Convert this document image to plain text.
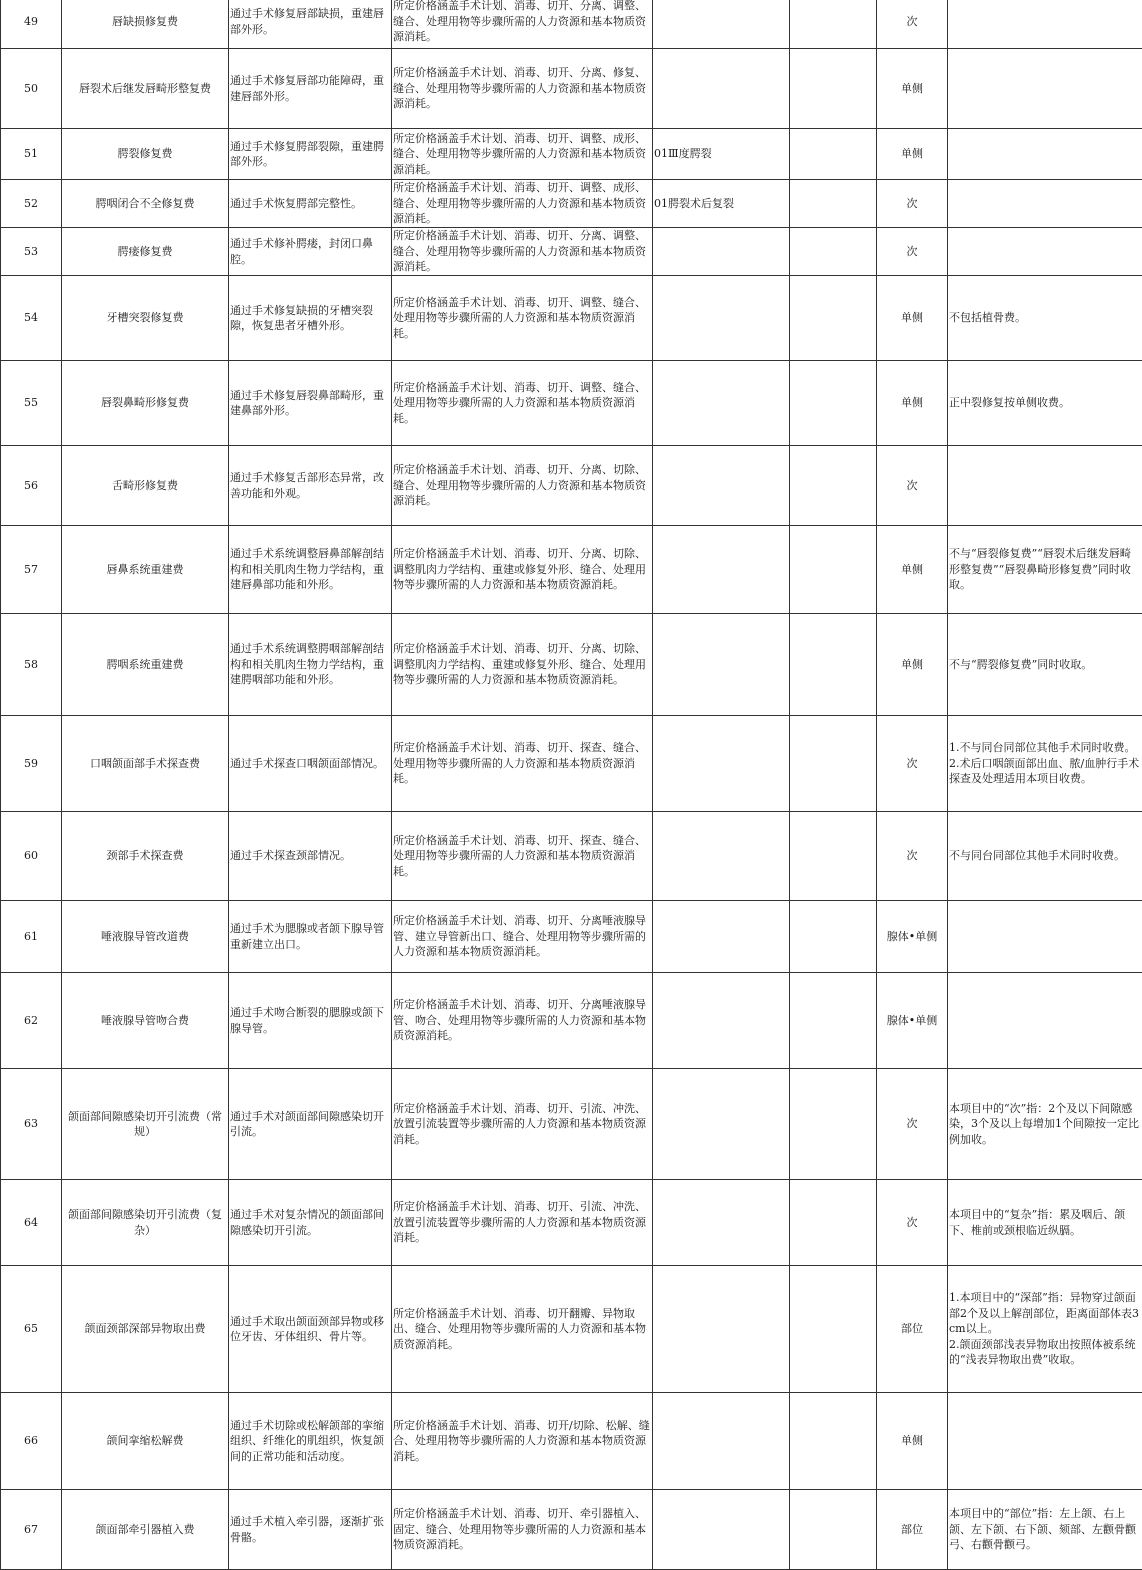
49	唇缺损修复费	通过手术修复唇部缺损，重建唇部外形。	所定价格涵盖手术计划、消毒、切开、分离、调整、缝合、处理用物等步骤所需的人力资源和基本物质资源消耗。			次	
50	唇裂术后继发唇畸形整复费	通过手术修复唇部功能障碍，重建唇部外形。	所定价格涵盖手术计划、消毒、切开、分离、修复、缝合、处理用物等步骤所需的人力资源和基本物质资源消耗。			单侧	
51	腭裂修复费	通过手术修复腭部裂隙，重建腭部外形。	所定价格涵盖手术计划、消毒、切开、调整、成形、缝合、处理用物等步骤所需的人力资源和基本物质资源消耗。	01Ⅲ度腭裂		单侧	
52	腭咽闭合不全修复费	通过手术恢复腭部完整性。	所定价格涵盖手术计划、消毒、切开、调整、成形、缝合、处理用物等步骤所需的人力资源和基本物质资源消耗。	01腭裂术后复裂		次	
53	腭瘘修复费	通过手术修补腭瘘，封闭口鼻腔。	所定价格涵盖手术计划、消毒、切开、分离、调整、缝合、处理用物等步骤所需的人力资源和基本物质资源消耗。			次	
54	牙槽突裂修复费	通过手术修复缺损的牙槽突裂隙，恢复患者牙槽外形。	所定价格涵盖手术计划、消毒、切开、调整、缝合、处理用物等步骤所需的人力资源和基本物质资源消耗。			单侧	不包括植骨费。
55	唇裂鼻畸形修复费	通过手术修复唇裂鼻部畸形，重建鼻部外形。	所定价格涵盖手术计划、消毒、切开、调整、缝合、处理用物等步骤所需的人力资源和基本物质资源消耗。			单侧	正中裂修复按单侧收费。
56	舌畸形修复费	通过手术修复舌部形态异常，改善功能和外观。	所定价格涵盖手术计划、消毒、切开、分离、切除、缝合、处理用物等步骤所需的人力资源和基本物质资源消耗。			次	
57	唇鼻系统重建费	通过手术系统调整唇鼻部解剖结构和相关肌肉生物力学结构，重建唇鼻部功能和外形。	所定价格涵盖手术计划、消毒、切开、分离、切除、调整肌肉力学结构、重建或修复外形、缝合、处理用物等步骤所需的人力资源和基本物质资源消耗。			单侧	不与“唇裂修复费”“唇裂术后继发唇畸形整复费”“唇裂鼻畸形修复费”同时收取。
58	腭咽系统重建费	通过手术系统调整腭咽部解剖结构和相关肌肉生物力学结构，重建腭咽部功能和外形。	所定价格涵盖手术计划、消毒、切开、分离、切除、调整肌肉力学结构、重建或修复外形、缝合、处理用物等步骤所需的人力资源和基本物质资源消耗。			单侧	不与“腭裂修复费”同时收取。
59	口咽颌面部手术探查费	通过手术探查口咽颌面部情况。	所定价格涵盖手术计划、消毒、切开、探查、缝合、处理用物等步骤所需的人力资源和基本物质资源消耗。			次	1.不与同台同部位其他手术同时收费。
2.术后口咽颌面部出血、脓/血肿行手术探查及处理适用本项目收费。
60	颈部手术探查费	通过手术探查颈部情况。	所定价格涵盖手术计划、消毒、切开、探查、缝合、处理用物等步骤所需的人力资源和基本物质资源消耗。			次	不与同台同部位其他手术同时收费。
61	唾液腺导管改道费	通过手术为腮腺或者颌下腺导管重新建立出口。	所定价格涵盖手术计划、消毒、切开、分离唾液腺导管、建立导管新出口、缝合、处理用物等步骤所需的人力资源和基本物质资源消耗。			腺体•单侧	
62	唾液腺导管吻合费	通过手术吻合断裂的腮腺或颌下腺导管。	所定价格涵盖手术计划、消毒、切开、分离唾液腺导管、吻合、处理用物等步骤所需的人力资源和基本物质资源消耗。			腺体•单侧	
63	颌面部间隙感染切开引流费（常规）	通过手术对颌面部间隙感染切开引流。	所定价格涵盖手术计划、消毒、切开、引流、冲洗、放置引流装置等步骤所需的人力资源和基本物质资源消耗。			次	本项目中的“次”指：2个及以下间隙感染，3个及以上每增加1个间隙按一定比例加收。
64	颌面部间隙感染切开引流费（复杂）	通过手术对复杂情况的颌面部间隙感染切开引流。	所定价格涵盖手术计划、消毒、切开、引流、冲洗、放置引流装置等步骤所需的人力资源和基本物质资源消耗。			次	本项目中的“复杂”指：累及咽后、颌下、椎前或颈根临近纵膈。
65	颌面颈部深部异物取出费	通过手术取出颌面颈部异物或移位牙齿、牙体组织、骨片等。	所定价格涵盖手术计划、消毒、切开翻瓣、异物取出、缝合、处理用物等步骤所需的人力资源和基本物质资源消耗。			部位	1.本项目中的“深部”指：异物穿过颌面部2个及以上解剖部位，距离面部体表3cm以上。
2.颌面颈部浅表异物取出按照体被系统的“浅表异物取出费”收取。
66	颌间挛缩松解费	通过手术切除或松解颌部的挛缩组织、纤维化的肌组织，恢复颌间的正常功能和活动度。	所定价格涵盖手术计划、消毒、切开/切除、松解、缝合、处理用物等步骤所需的人力资源和基本物质资源消耗。			单侧	
67	颌面部牵引器植入费	通过手术植入牵引器，逐渐扩张骨骼。	所定价格涵盖手术计划、消毒、切开、牵引器植入、固定、缝合、处理用物等步骤所需的人力资源和基本物质资源消耗。			部位	本项目中的“部位”指：左上颌、右上颌、左下颌、右下颌、颏部、左颧骨颧弓、右颧骨颧弓。
